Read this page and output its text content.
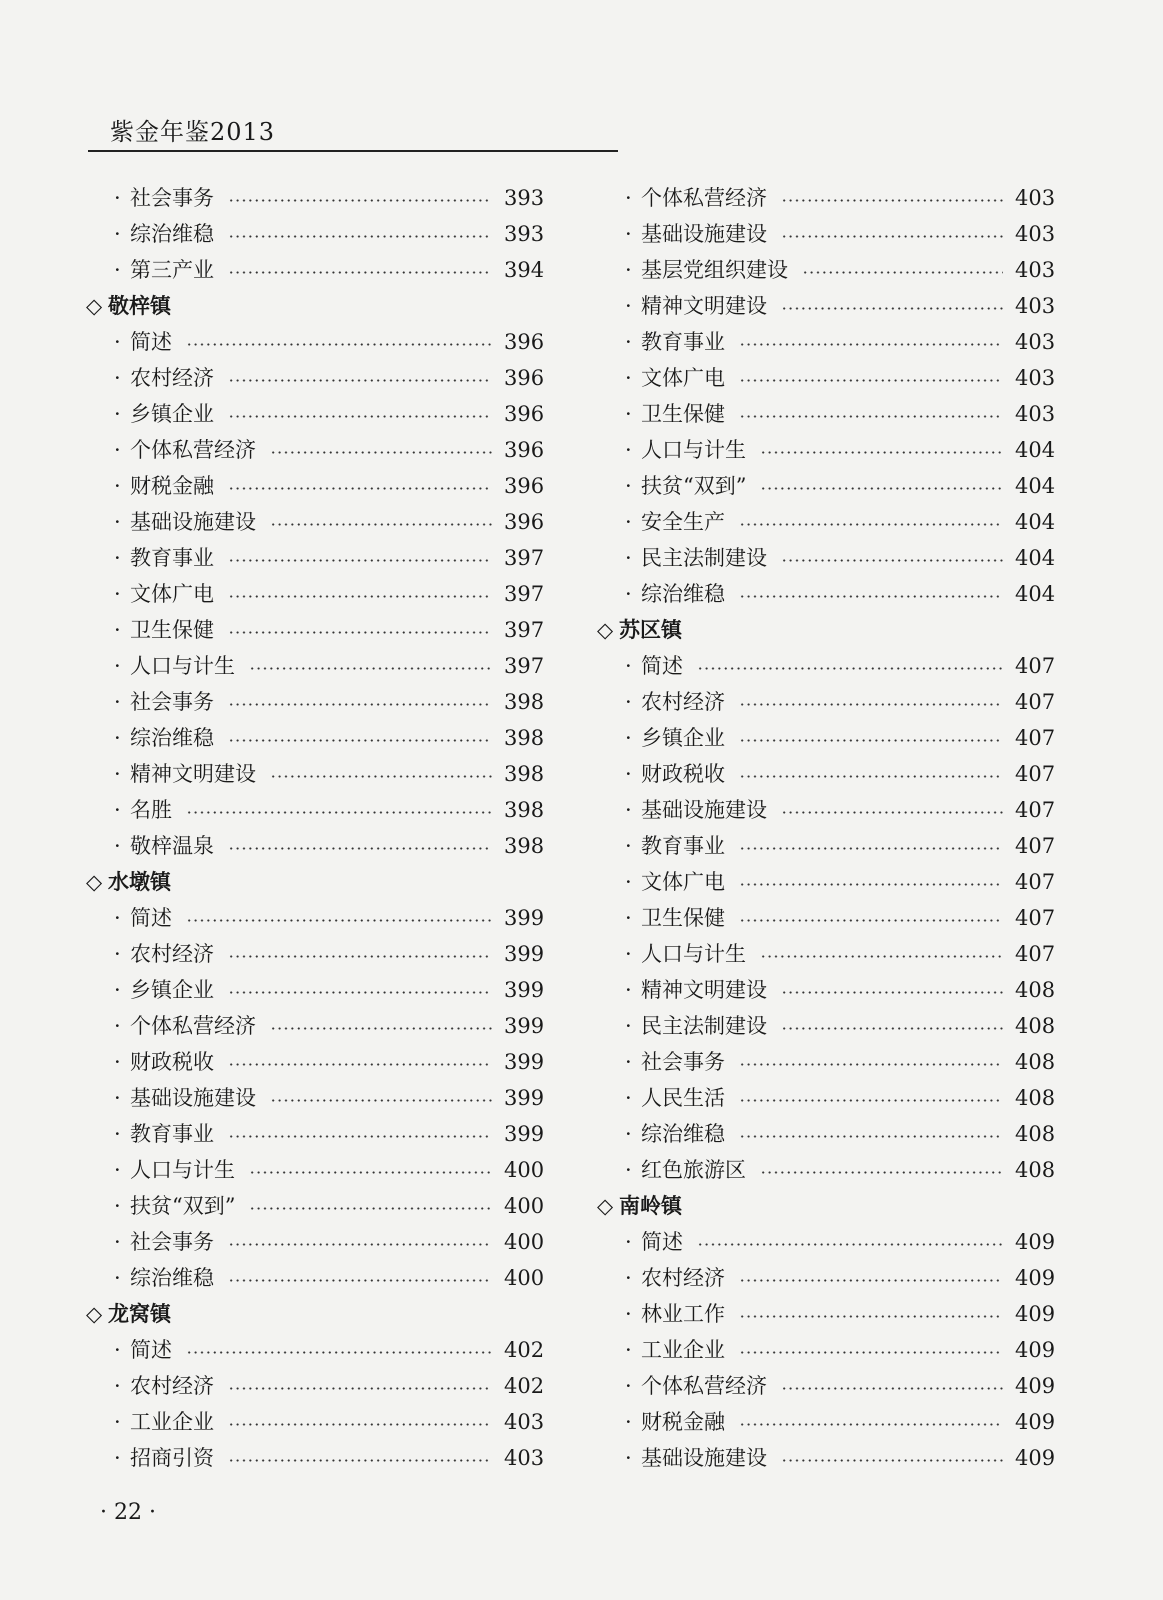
紫金年鉴2013
· 社会事务	393
· 综治维稳	393
· 第三产业	394
◇ 敬梓镇
· 简述	396
· 农村经济	396
· 乡镇企业	396
· 个体私营经济	396
· 财税金融	396
· 基础设施建设	396
· 教育事业	397
· 文体广电	397
· 卫生保健	397
· 人口与计生	397
· 社会事务	398
· 综治维稳	398
· 精神文明建设	398
· 名胜	398
· 敬梓温泉	398
◇ 水墩镇
· 简述	399
· 农村经济	399
· 乡镇企业	399
· 个体私营经济	399
· 财政税收	399
· 基础设施建设	399
· 教育事业	399
· 人口与计生	400
· 扶贫“双到”	400
· 社会事务	400
· 综治维稳	400
◇ 龙窝镇
· 简述	402
· 农村经济	402
· 工业企业	403
· 招商引资	403
· 个体私营经济	403
· 基础设施建设	403
· 基层党组织建设	403
· 精神文明建设	403
· 教育事业	403
· 文体广电	403
· 卫生保健	403
· 人口与计生	404
· 扶贫“双到”	404
· 安全生产	404
· 民主法制建设	404
· 综治维稳	404
◇ 苏区镇
· 简述	407
· 农村经济	407
· 乡镇企业	407
· 财政税收	407
· 基础设施建设	407
· 教育事业	407
· 文体广电	407
· 卫生保健	407
· 人口与计生	407
· 精神文明建设	408
· 民主法制建设	408
· 社会事务	408
· 人民生活	408
· 综治维稳	408
· 红色旅游区	408
◇ 南岭镇
· 简述	409
· 农村经济	409
· 林业工作	409
· 工业企业	409
· 个体私营经济	409
· 财税金融	409
· 基础设施建设	409
· 22 ·
